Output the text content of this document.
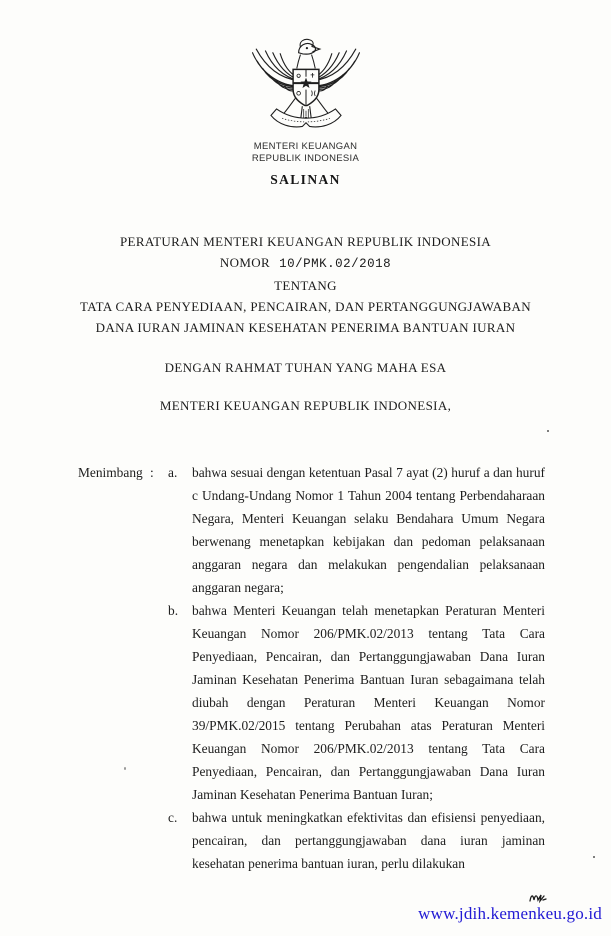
MENTERI KEUANGAN
REPUBLIK INDONESIA
SALINAN
PERATURAN MENTERI KEUANGAN REPUBLIK INDONESIA
NOMOR 10/PMK.02/2018
TENTANG
TATA CARA PENYEDIAAN, PENCAIRAN, DAN PERTANGGUNGJAWABAN
DANA IURAN JAMINAN KESEHATAN PENERIMA BANTUAN IURAN
DENGAN RAHMAT TUHAN YANG MAHA ESA
MENTERI KEUANGAN REPUBLIK INDONESIA,
Menimbang :	a.	bahwa sesuai dengan ketentuan Pasal 7 ayat (2) huruf a dan huruf c Undang-Undang Nomor 1 Tahun 2004 tentang Perbendaharaan Negara, Menteri Keuangan selaku Bendahara Umum Negara berwenang menetapkan kebijakan dan pedoman pelaksanaan anggaran negara dan melakukan pengendalian pelaksanaan anggaran negara;
b.	bahwa Menteri Keuangan telah menetapkan Peraturan Menteri Keuangan Nomor 206/PMK.02/2013 tentang Tata Cara Penyediaan, Pencairan, dan Pertanggungjawaban Dana Iuran Jaminan Kesehatan Penerima Bantuan Iuran sebagaimana telah diubah dengan Peraturan Menteri Keuangan Nomor 39/PMK.02/2015 tentang Perubahan atas Peraturan Menteri Keuangan Nomor 206/PMK.02/2013 tentang Tata Cara Penyediaan, Pencairan, dan Pertanggungjawaban Dana Iuran Jaminan Kesehatan Penerima Bantuan Iuran;
c.	bahwa untuk meningkatkan efektivitas dan efisiensi penyediaan, pencairan, dan pertanggungjawaban dana iuran jaminan kesehatan penerima bantuan iuran, perlu dilakukan
www.jdih.kemenkeu.go.id
